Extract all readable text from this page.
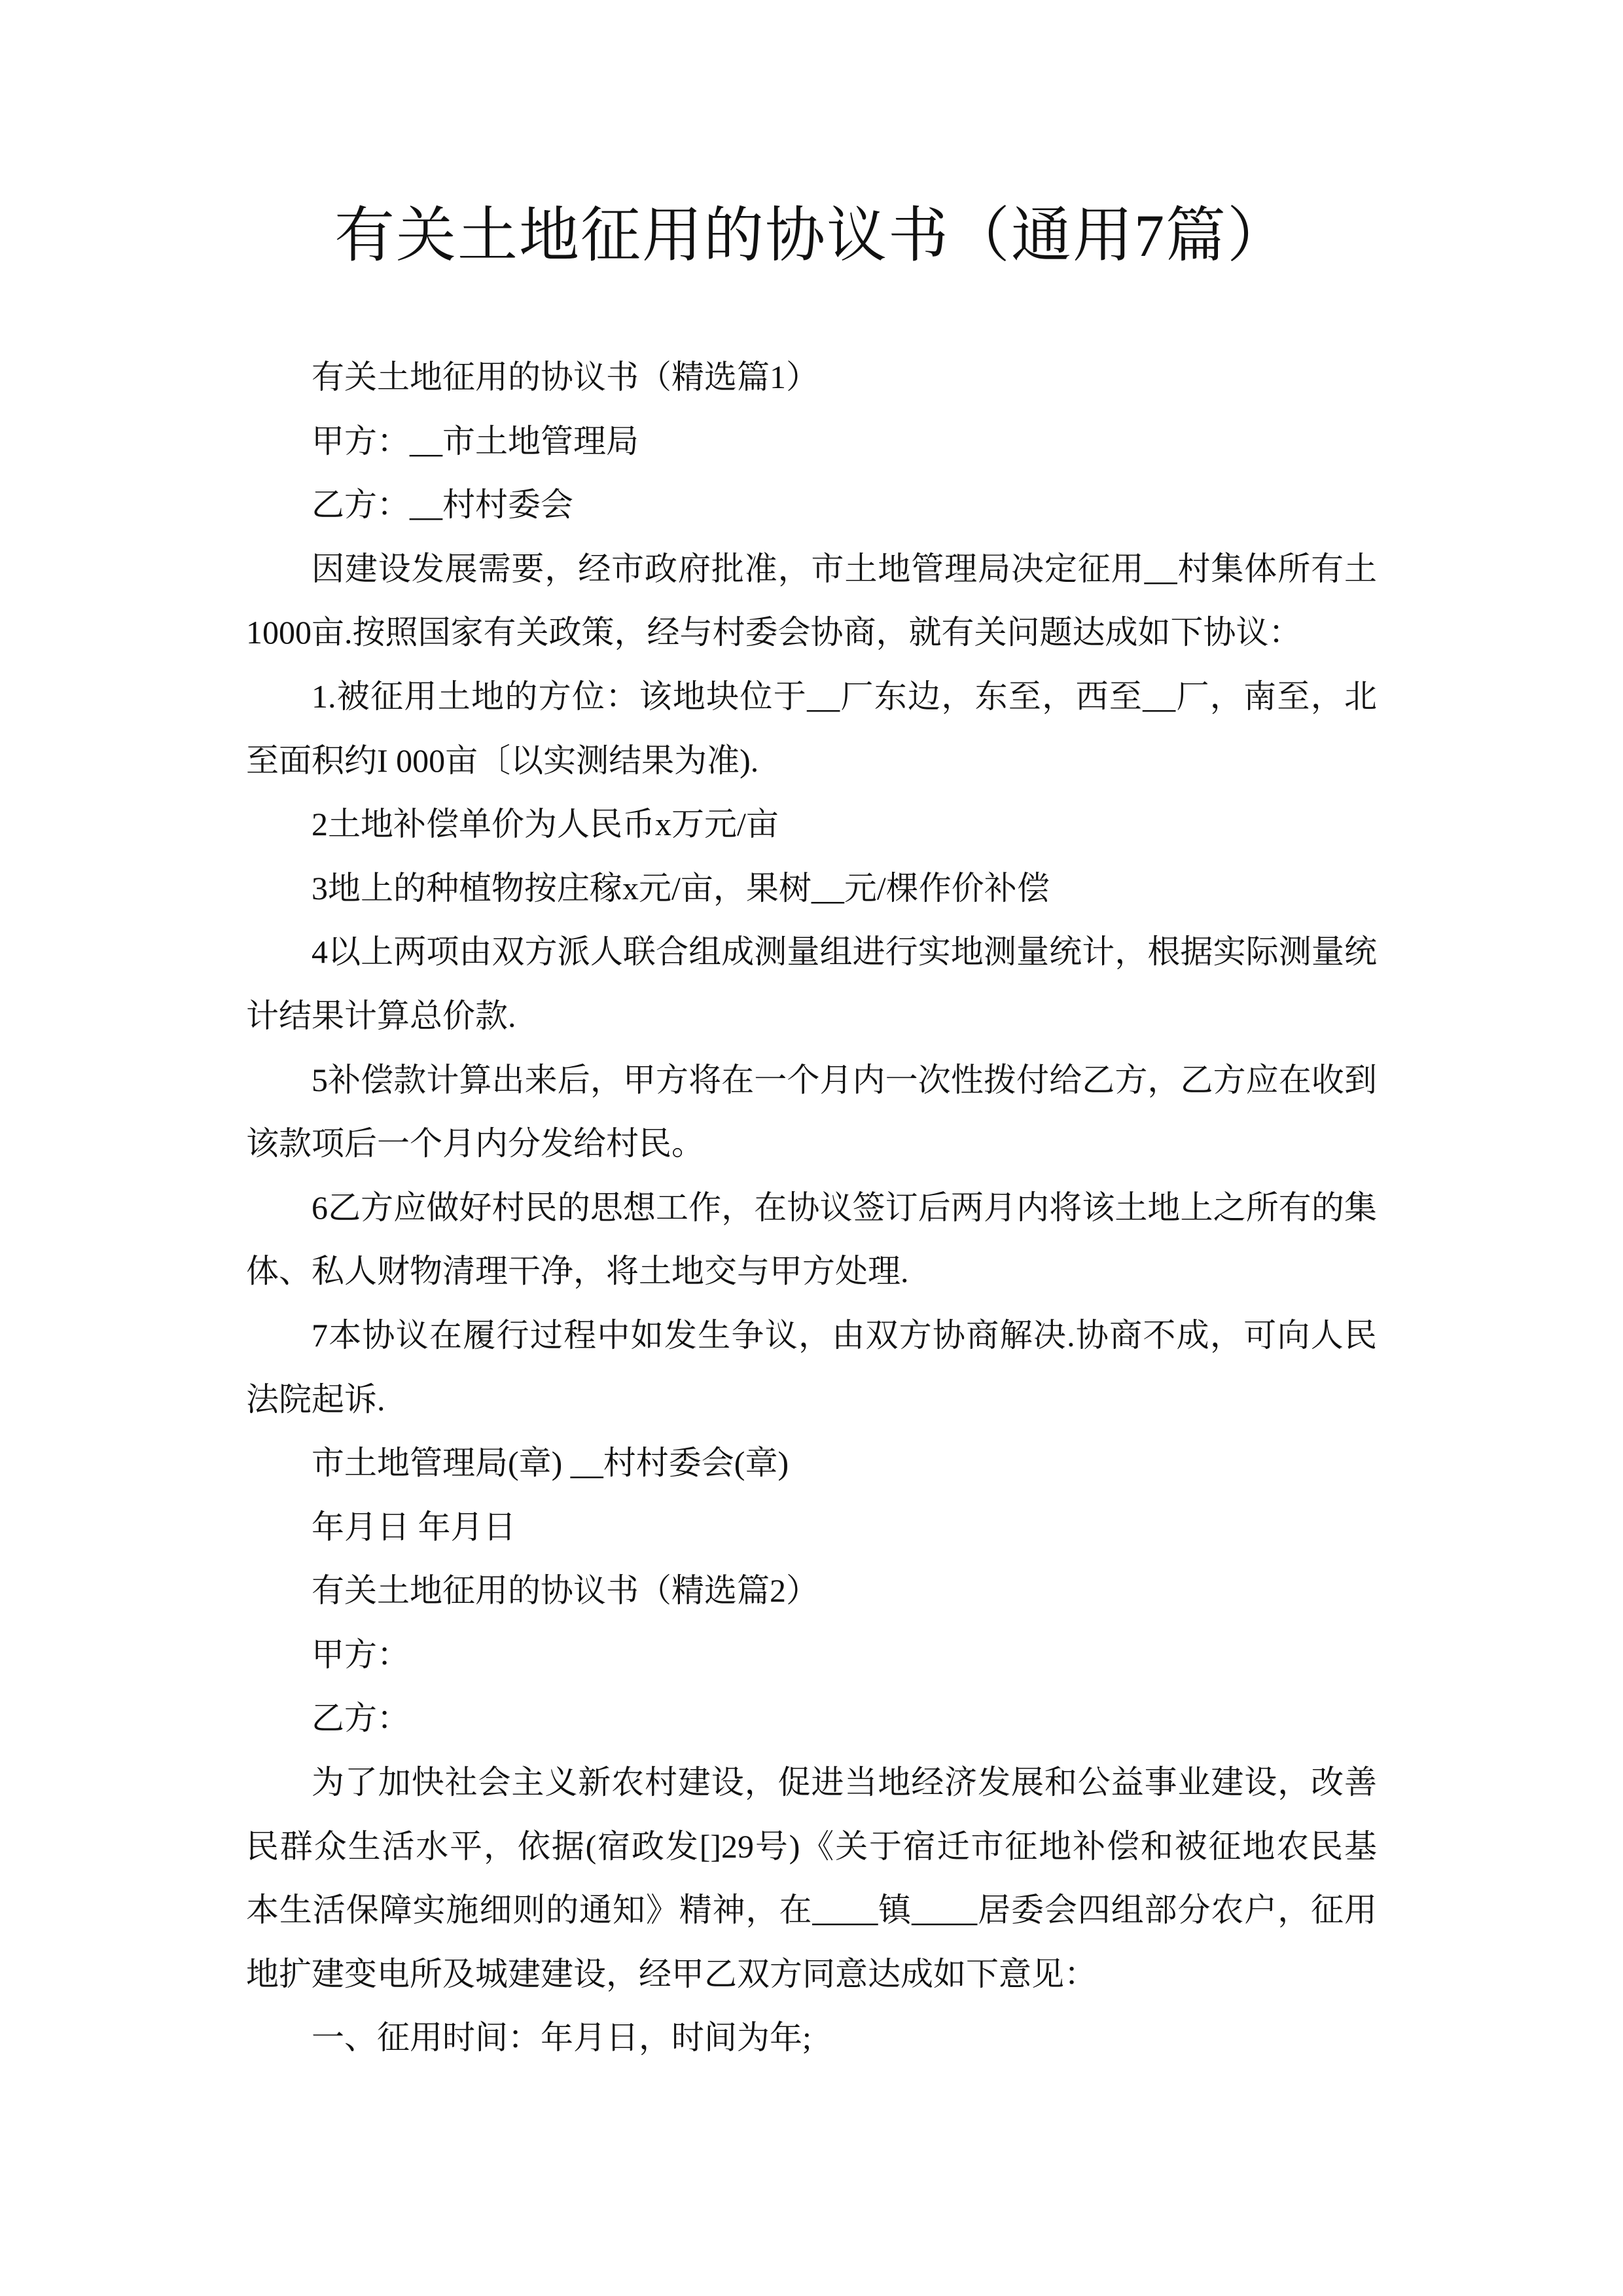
有关土地征用的协议书（通用7篇）
有关土地征用的协议书（精选篇1）
甲方：__市土地管理局
乙方：__村村委会
因建设发展需要，经市政府批准，市土地管理局决定征用__村集体所有土
1000亩.按照国家有关政策，经与村委会协商，就有关问题达成如下协议：
1.被征用土地的方位：该地块位于__厂东边，东至，西至__厂，南至，北
至面积约I 000亩〔以实测结果为准).
2土地补偿单价为人民币x万元/亩
3地上的种植物按庄稼x元/亩，果树__元/棵作价补偿
4以上两项由双方派人联合组成测量组进行实地测量统计，根据实际测量统
计结果计算总价款.
5补偿款计算出来后，甲方将在一个月内一次性拨付给乙方，乙方应在收到
该款项后一个月内分发给村民。
6乙方应做好村民的思想工作，在协议签订后两月内将该土地上之所有的集
体、私人财物清理干净，将土地交与甲方处理.
7本协议在履行过程中如发生争议，由双方协商解决.协商不成，可向人民
法院起诉.
市土地管理局(章) __村村委会(章)
年月日 年月日
有关土地征用的协议书（精选篇2）
甲方：
乙方：
为了加快社会主义新农村建设，促进当地经济发展和公益事业建设，改善
民群众生活水平，依据(宿政发[]29号)《关于宿迁市征地补偿和被征地农民基
本生活保障实施细则的通知》精神，在____镇____居委会四组部分农户，征用
地扩建变电所及城建建设，经甲乙双方同意达成如下意见：
一、征用时间：年月日，时间为年;
